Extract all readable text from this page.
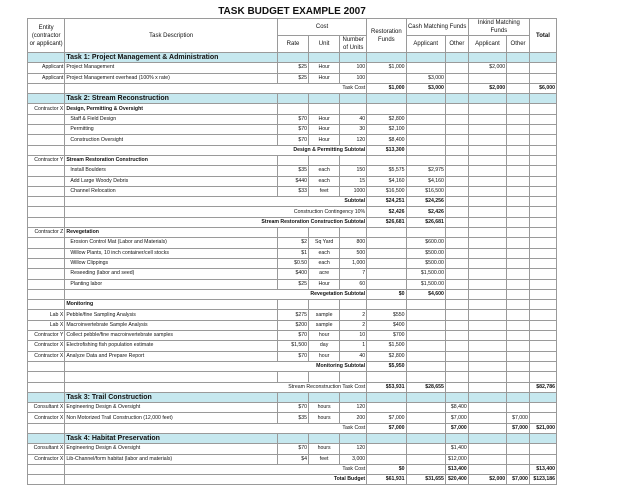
TASK BUDGET EXAMPLE 2007
Entity (contractor or applicant)	Task Description	Cost			Restoration Funds	Cash Matching Funds		Inkind Matching Funds		Total
		Rate	Unit	Number of Units		Applicant	Other	Applicant	Other	
	Task 1: Project Management & Administration									
Applicant	Project Management	$25	Hour	100	$1,000			$2,000		
Applicant	Project Management overhead (100% x rate)	$25	Hour	100		$3,000				
	Task Cost				$1,000	$3,000		$2,000		$6,000
	Task 2: Stream Reconstruction									
Contractor X	Design, Permitting & Oversight									
	Staff & Field Design	$70	Hour	40	$2,800					
	Permitting	$70	Hour	30	$2,100					
	Construction Oversight	$70	Hour	120	$8,400					
	Design & Permitting Subtotal				$13,300					
Contractor Y	Stream Restoration Construction									
	Install Boulders	$35	each	150	$5,575	$2,975				
	Add Large Woody Debris	$440	each	15	$4,160	$4,160				
	Channel Relocation	$33	feet	1000	$16,500	$16,500				
	Subtotal				$24,251	$24,256				
	Construction Contingency 10%				$2,426	$2,426				
	Stream Restoration Construction Subtotal				$26,681	$26,681				
Contractor Z	Revegetation									
	Erosion Control Mat (Labor and Materials)	$2	Sq Yard	800		$600.00				
	Willow Plants, 10 inch container/cell stocks	$1	each	500		$500.00				
	Willow Clippings	$0.50	each	1,000		$500.00				
	Reseeding (labor and seed)	$400	acre	7		$1,500.00				
	Planting labor	$25	Hour	60		$1,500.00				
	Revegetation Subtotal				$0	$4,600				
	Monitoring									
Lab X	Pebble/fine Sampling Analysis	$275	sample	2	$550					
Lab X	Macroinvertebrate Sample Analysis	$200	sample	2	$400					
Contractor Y	Collect pebble/fine macroinvertebrate samples	$70	hour	10	$700					
Contractor X	Electrofishing fish population estimate	$1,500	day	1	$1,500					
Contractor X	Analyze Data and Prepare Report	$70	hour	40	$2,800					
	Monitoring Subtotal				$5,950					

	Stream Reconstruction Task Cost				$53,931	$28,655				$82,786
	Task 3: Trail Construction									
Consultant X	Engineering Design & Oversight	$70	hours	120			$8,400			
Contractor X	Non Motorized Trail Construction (12,000 feet)	$35	hours	200	$7,000		$7,000		$7,000	
	Task Cost				$7,000		$7,000		$7,000	$21,000
	Task 4: Habitat Preservation									
Consultant X	Engineering Design & Oversight	$70	hours	120			$1,400			
Contractor X	Lib-Channel/form habitat (labor and materials)	$4	feet	3,000			$12,000			
	Task Cost				$0		$13,400			$13,400
	Total Budget				$61,931	$31,655	$20,400	$2,000	$7,000	$123,186
